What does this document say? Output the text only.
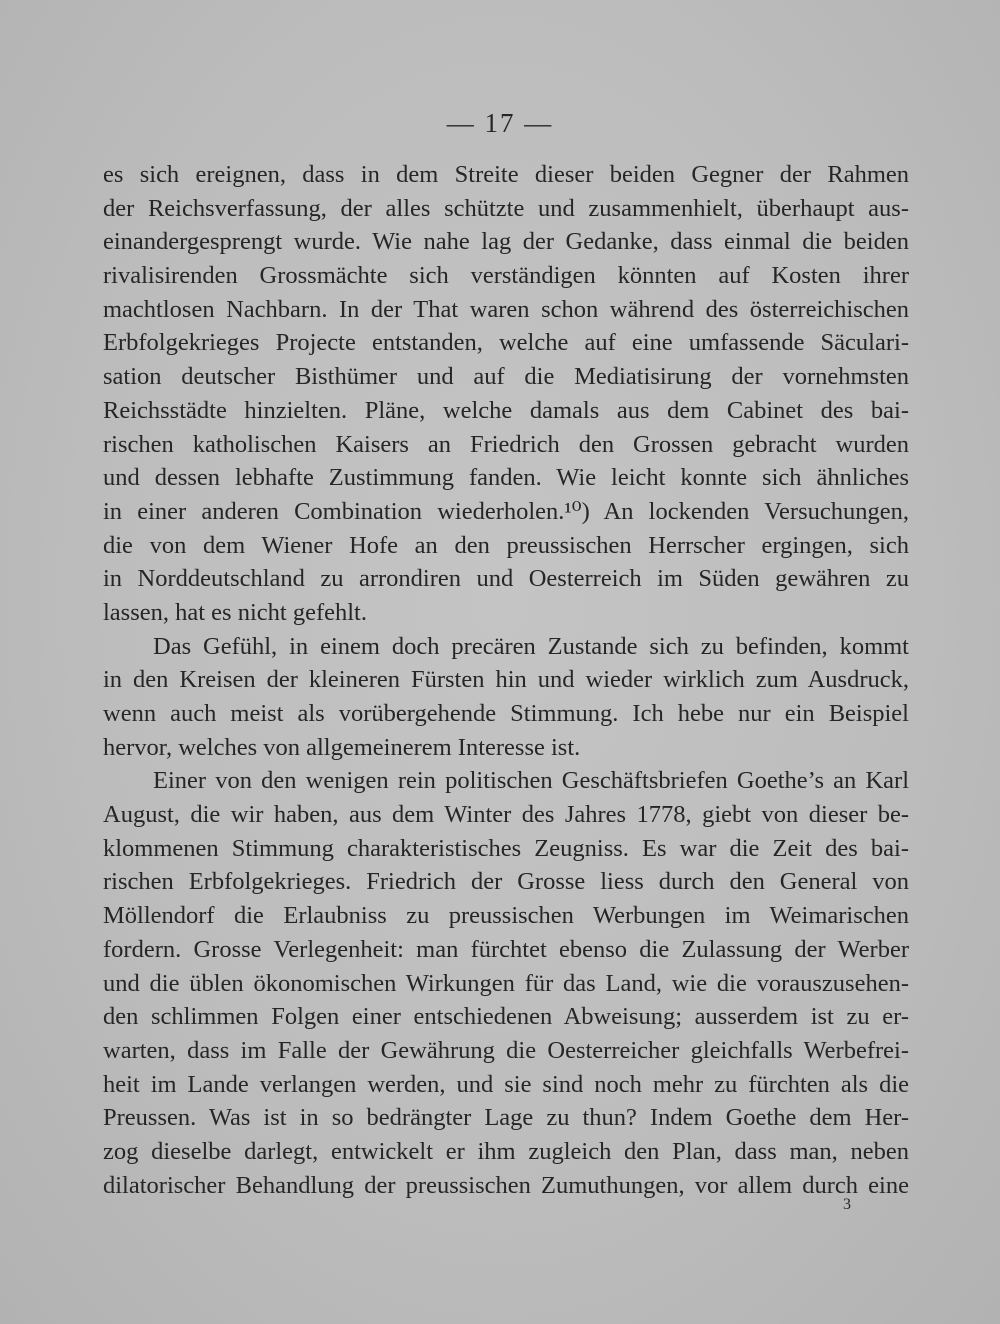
— 17 —
es sich ereignen, dass in dem Streite dieser beiden Gegner der Rahmen
der Reichsverfassung, der alles schützte und zusammenhielt, überhaupt aus-
einandergesprengt wurde. Wie nahe lag der Gedanke, dass einmal die beiden
rivalisirenden Grossmächte sich verständigen könnten auf Kosten ihrer
machtlosen Nachbarn. In der That waren schon während des österreichischen
Erbfolgekrieges Projecte entstanden, welche auf eine umfassende Säculari-
sation deutscher Bisthümer und auf die Mediatisirung der vornehmsten
Reichsstädte hinzielten. Pläne, welche damals aus dem Cabinet des bai-
rischen katholischen Kaisers an Friedrich den Grossen gebracht wurden
und dessen lebhafte Zustimmung fanden. Wie leicht konnte sich ähnliches
in einer anderen Combination wiederholen.¹⁰) An lockenden Versuchungen,
die von dem Wiener Hofe an den preussischen Herrscher ergingen, sich
in Norddeutschland zu arrondiren und Oesterreich im Süden gewähren zu
lassen, hat es nicht gefehlt.
Das Gefühl, in einem doch precären Zustande sich zu befinden, kommt
in den Kreisen der kleineren Fürsten hin und wieder wirklich zum Ausdruck,
wenn auch meist als vorübergehende Stimmung. Ich hebe nur ein Beispiel
hervor, welches von allgemeinerem Interesse ist.
Einer von den wenigen rein politischen Geschäftsbriefen Goethe’s an Karl
August, die wir haben, aus dem Winter des Jahres 1778, giebt von dieser be-
klommenen Stimmung charakteristisches Zeugniss. Es war die Zeit des bai-
rischen Erbfolgekrieges. Friedrich der Grosse liess durch den General von
Möllendorf die Erlaubniss zu preussischen Werbungen im Weimarischen
fordern. Grosse Verlegenheit: man fürchtet ebenso die Zulassung der Werber
und die üblen ökonomischen Wirkungen für das Land, wie die vorauszusehen-
den schlimmen Folgen einer entschiedenen Abweisung; ausserdem ist zu er-
warten, dass im Falle der Gewährung die Oesterreicher gleichfalls Werbefrei-
heit im Lande verlangen werden, und sie sind noch mehr zu fürchten als die
Preussen. Was ist in so bedrängter Lage zu thun? Indem Goethe dem Her-
zog dieselbe darlegt, entwickelt er ihm zugleich den Plan, dass man, neben
dilatorischer Behandlung der preussischen Zumuthungen, vor allem durch eine
3
